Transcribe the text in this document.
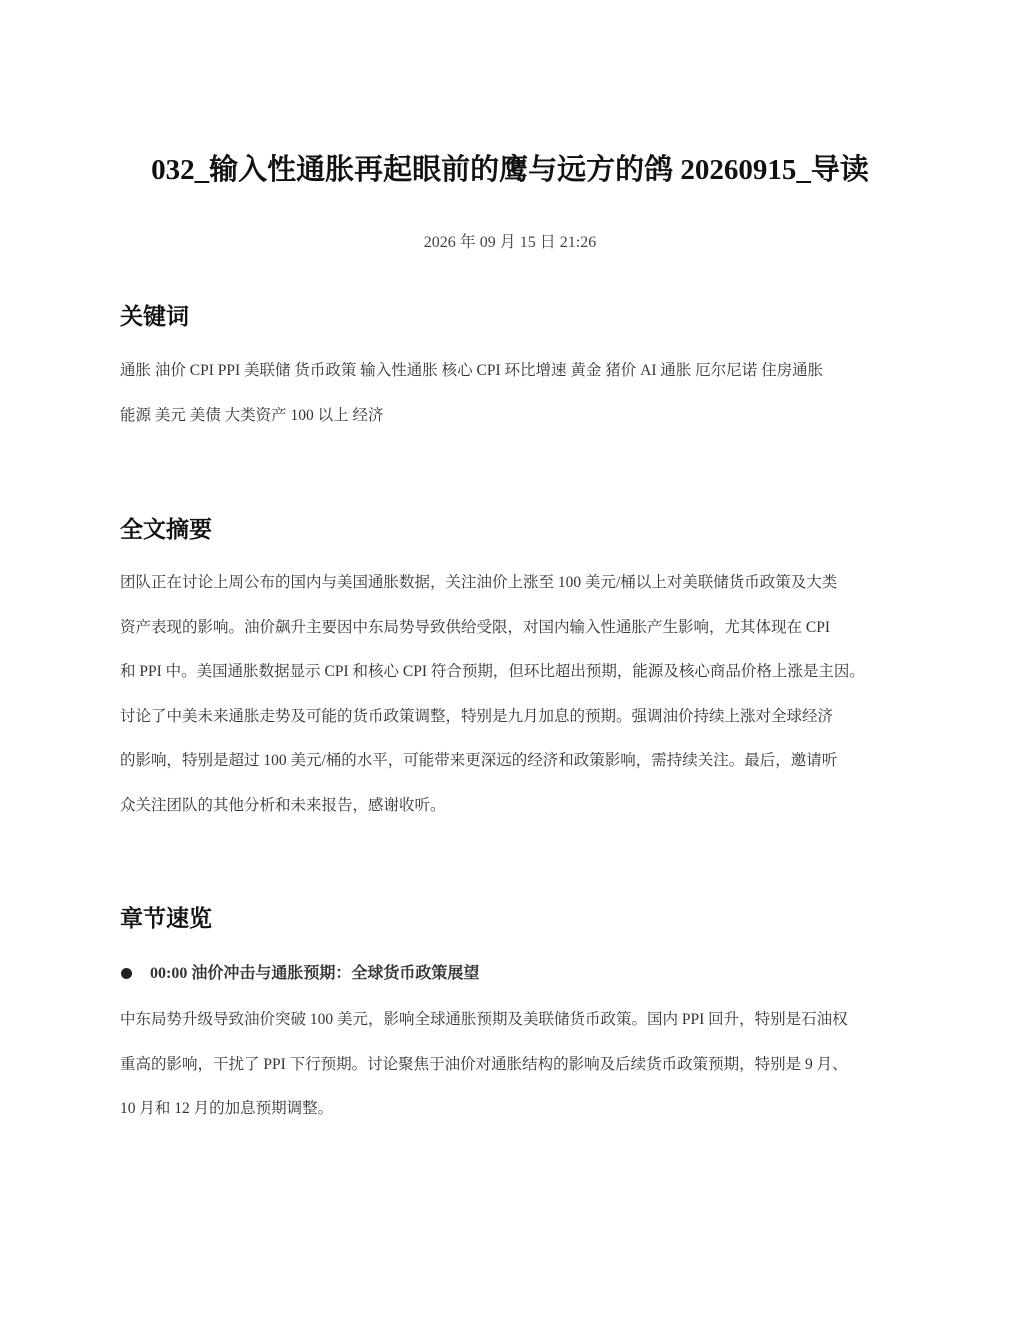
032_输入性通胀再起眼前的鹰与远方的鸽 20260915_导读
2026 年 09 月 15 日 21:26
关键词
通胀 油价 CPI PPI 美联储 货币政策 输入性通胀 核心 CPI 环比增速 黄金 猪价 AI 通胀 厄尔尼诺 住房通胀
能源 美元 美债 大类资产 100 以上 经济
全文摘要
团队正在讨论上周公布的国内与美国通胀数据，关注油价上涨至 100 美元/桶以上对美联储货币政策及大类
资产表现的影响。油价飙升主要因中东局势导致供给受限，对国内输入性通胀产生影响，尤其体现在 CPI
和 PPI 中。美国通胀数据显示 CPI 和核心 CPI 符合预期，但环比超出预期，能源及核心商品价格上涨是主因。
讨论了中美未来通胀走势及可能的货币政策调整，特别是九月加息的预期。强调油价持续上涨对全球经济
的影响，特别是超过 100 美元/桶的水平，可能带来更深远的经济和政策影响，需持续关注。最后，邀请听
众关注团队的其他分析和未来报告，感谢收听。
章节速览
00:00 油价冲击与通胀预期：全球货币政策展望
中东局势升级导致油价突破 100 美元，影响全球通胀预期及美联储货币政策。国内 PPI 回升，特别是石油权
重高的影响，干扰了 PPI 下行预期。讨论聚焦于油价对通胀结构的影响及后续货币政策预期，特别是 9 月、
10 月和 12 月的加息预期调整。
